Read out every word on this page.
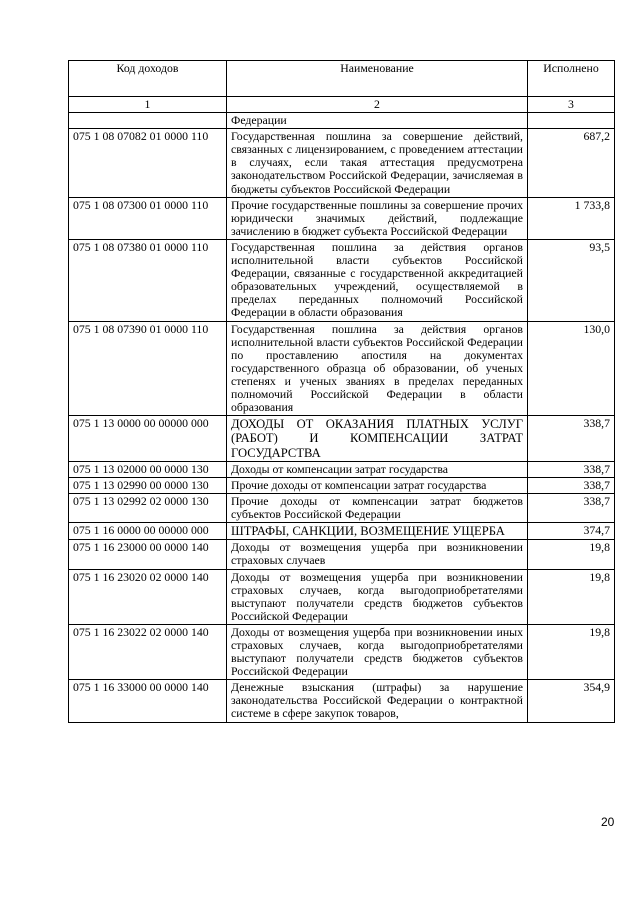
Код доходов	Наименование	Исполнено
1	2	3
	Федерации	
075 1 08 07082 01 0000 110	Государственная пошлина за совершение действий, связанных с лицензированием, с проведением аттестации в случаях, если такая аттестация предусмотрена законодательством Российской Федерации, зачисляемая в бюджеты субъектов Российской Федерации	687,2
075 1 08 07300 01 0000 110	Прочие государственные пошлины за совершение прочих юридически значимых действий, подлежащие зачислению в бюджет субъекта Российской Федерации	1 733,8
075 1 08 07380 01 0000 110	Государственная пошлина за действия органов исполнительной власти субъектов Российской Федерации, связанные с государственной аккредитацией образовательных учреждений, осуществляемой в пределах переданных полномочий Российской Федерации в области образования	93,5
075 1 08 07390 01 0000 110	Государственная пошлина за действия органов исполнительной власти субъектов Российской Федерации по проставлению апостиля на документах государственного образца об образовании, об ученых степенях и ученых званиях в пределах переданных полномочий Российской Федерации в области образования	130,0
075 1 13 0000 00 00000 000	ДОХОДЫ ОТ ОКАЗАНИЯ ПЛАТНЫХ УСЛУГ (РАБОТ) И КОМПЕНСАЦИИ ЗАТРАТ ГОСУДАРСТВА	338,7
075 1 13 02000 00 0000 130	Доходы от компенсации затрат государства	338,7
075 1 13 02990 00 0000 130	Прочие доходы от компенсации затрат государства	338,7
075 1 13 02992 02 0000 130	Прочие доходы от компенсации затрат бюджетов субъектов Российской Федерации	338,7
075 1 16 0000 00 00000 000	ШТРАФЫ, САНКЦИИ, ВОЗМЕЩЕНИЕ УЩЕРБА	374,7
075 1 16 23000 00 0000 140	Доходы от возмещения ущерба при возникновении страховых случаев	19,8
075 1 16 23020 02 0000 140	Доходы от возмещения ущерба при возникновении страховых случаев, когда выгодоприобретателями выступают получатели средств бюджетов субъектов Российской Федерации	19,8
075 1 16 23022 02 0000 140	Доходы от возмещения ущерба при возникновении иных страховых случаев, когда выгодоприобретателями выступают получатели средств бюджетов субъектов Российской Федерации	19,8
075 1 16 33000 00 0000 140	Денежные взыскания (штрафы) за нарушение законодательства Российской Федерации о контрактной системе в сфере закупок товаров,	354,9
20
